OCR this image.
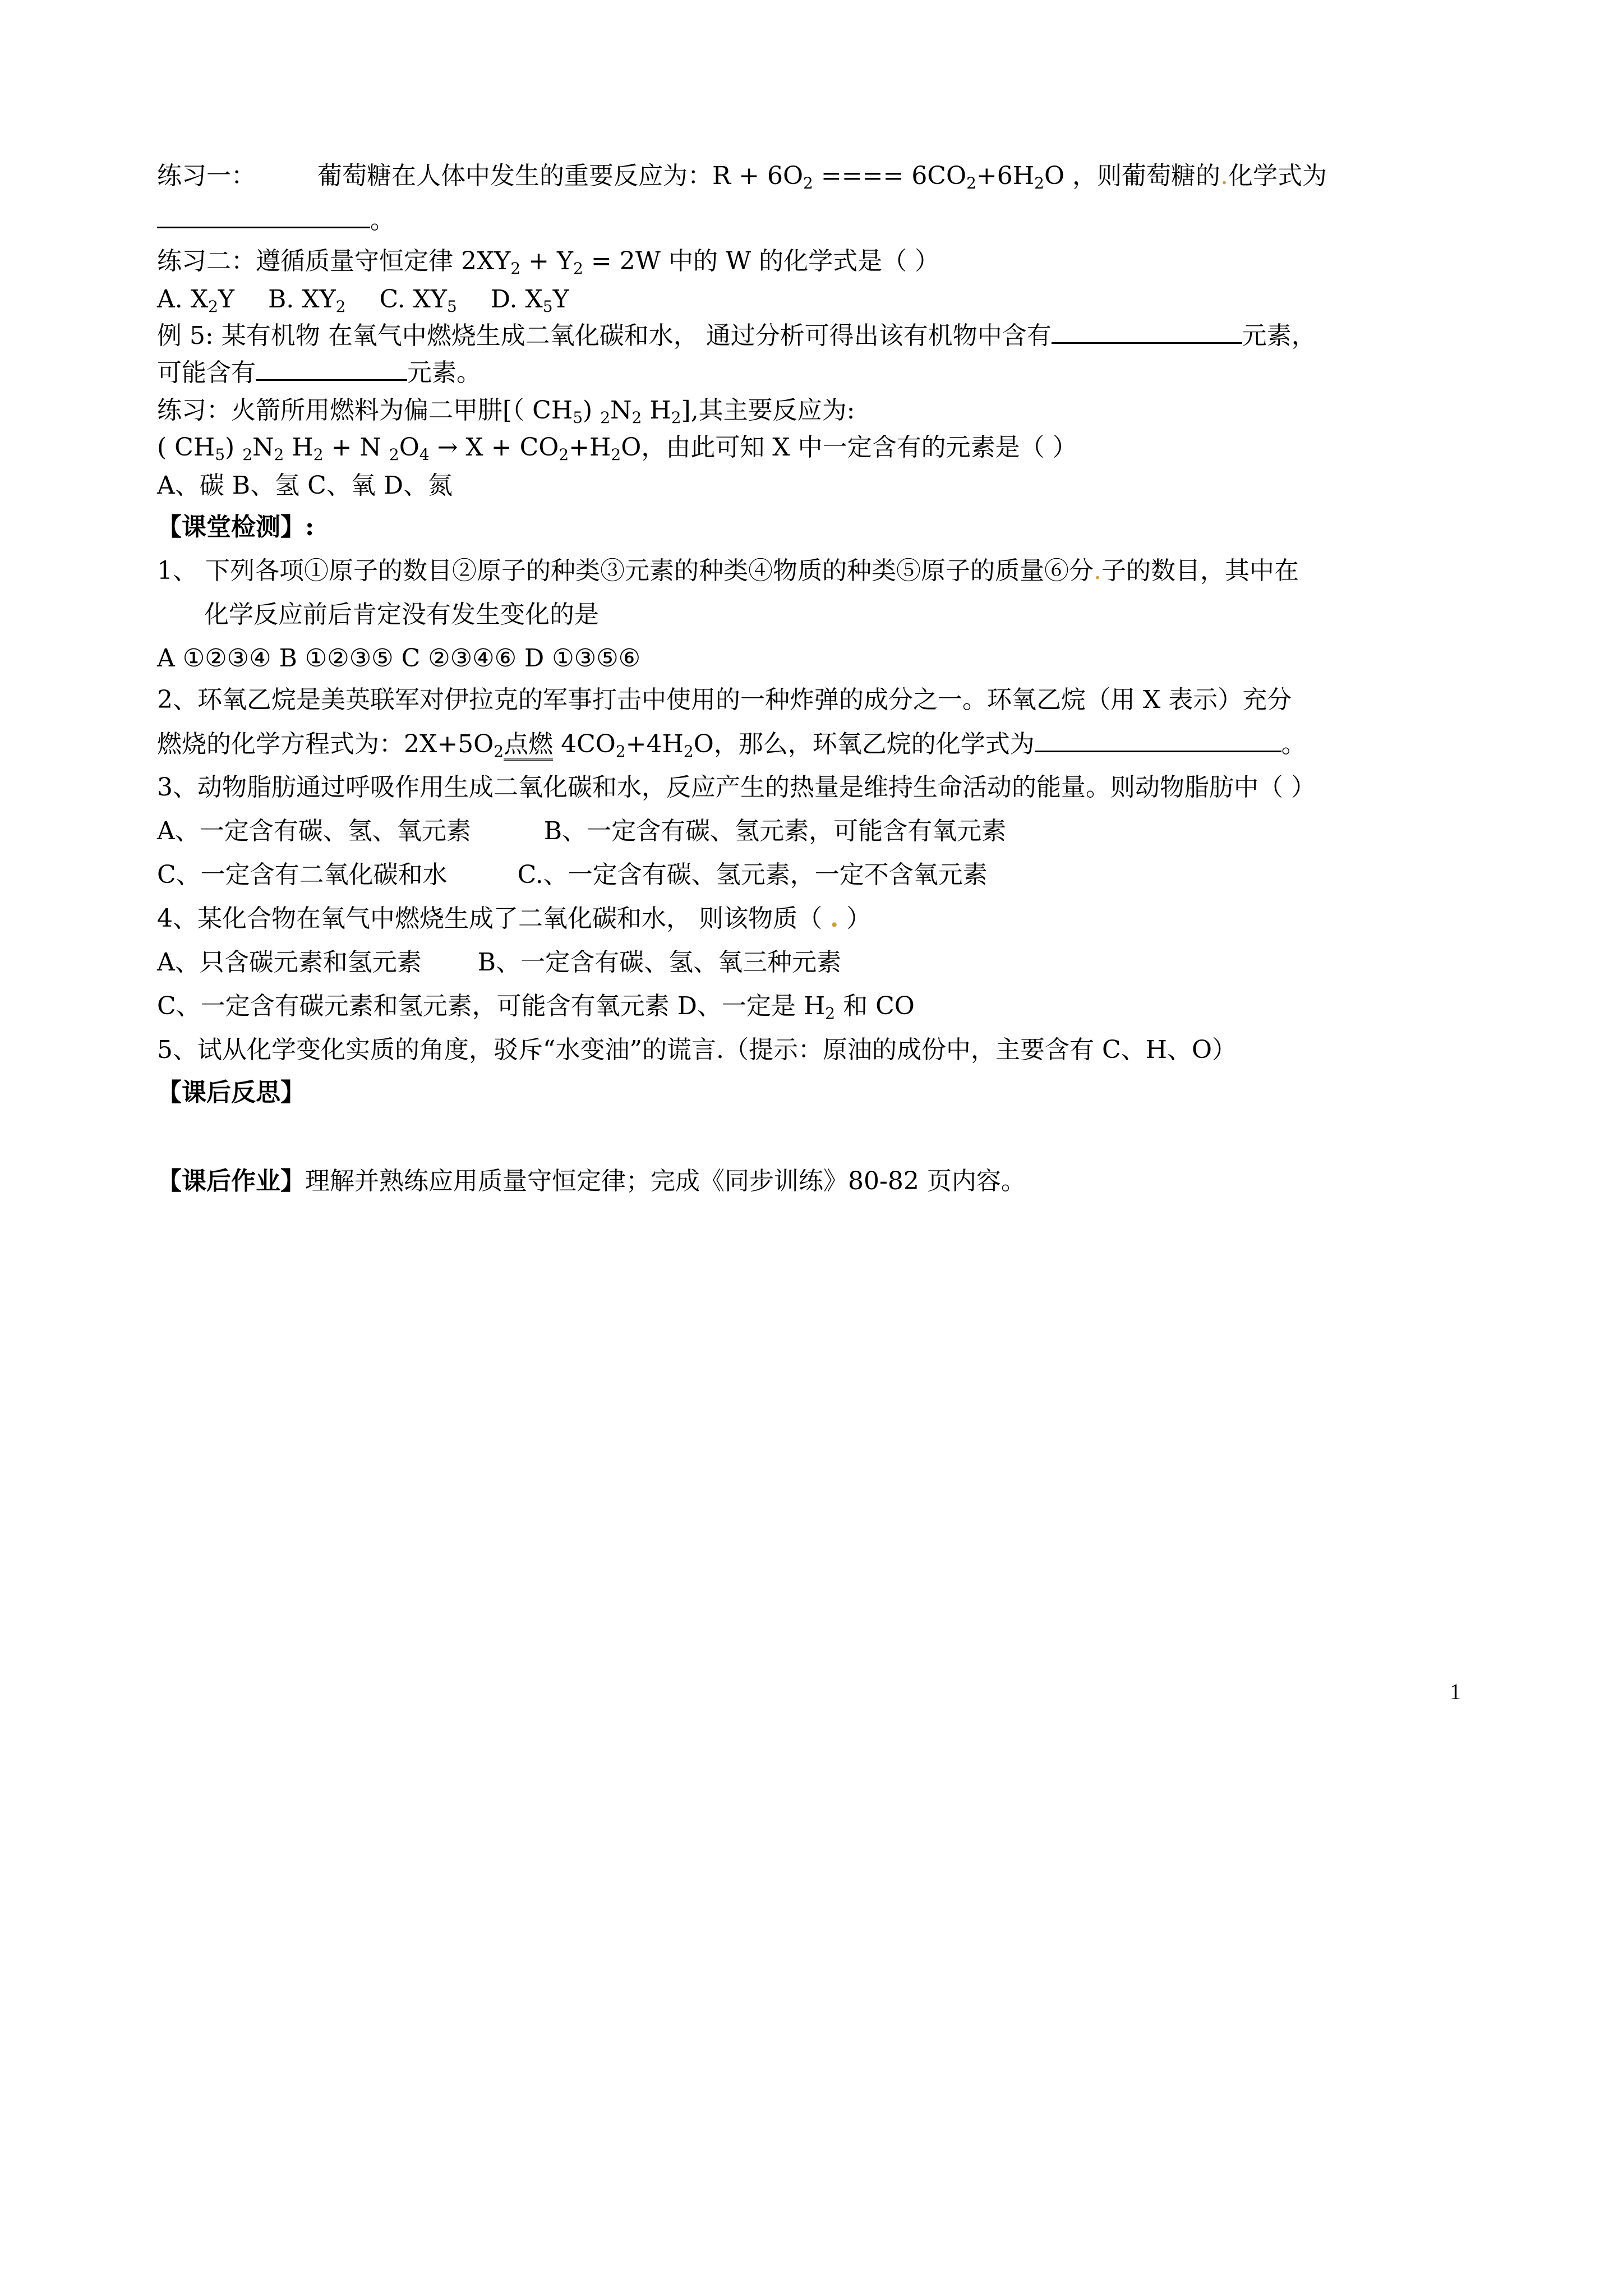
练习一：	葡萄糖在人体中发生的重要反应为：$R + 6O_2$ ==== $6CO_2+6H_2O$ ，则葡萄糖的.化学式为
。
练习二：遵循质量守恒定律 $2XY_2 + Y_2 = 2W$ 中的 W 的化学式是（ ）
A. $X_2Y$ B. $XY_2$ C. $XY_5$ D. $X_5Y$
例 5: 某有机物 在氧气中燃烧生成二氧化碳和水， 通过分析可得出该有机物中含有	元素，
可能含有	元素。
练习：火箭所用燃料为偏二甲肼[（ $CH_5$) $_2N_2$ $H_2$],其主要反应为:
( $CH_5$) $_2N_2$ $H_2 + N$ $_2O_4 \to X + CO_2+H_2O$，由此可知 X 中一定含有的元素是（ ）
A、碳 B、氢 C、氧 D、氮
【课堂检测】:
1、 下列各项①原子的数目②原子的种类③元素的种类④物质的种类⑤原子的质量⑥分.子的数目，其中在
化学反应前后肯定没有发生变化的是
A ①②③④ B ①②③⑤ C ②③④⑥ D ①③⑤⑥
2、环氧乙烷是美英联军对伊拉克的军事打击中使用的一种炸弹的成分之一。环氧乙烷（用 X 表示）充分
燃烧的化学方程式为：$2X+5O_2$点燃 $4CO_2+4H_2O$，那么，环氧乙烷的化学式为	。
3、动物脂肪通过呼吸作用生成二氧化碳和水，反应产生的热量是维持生命活动的能量。则动物脂肪中（ ）
A、一定含有碳、氢、氧元素	B、一定含有碳、氢元素，可能含有氧元素
C、一定含有二氧化碳和水	C.、一定含有碳、氢元素，一定不含氧元素
4、某化合物在氧气中燃烧生成了二氧化碳和水， 则该物质（ . ）
A、只含碳元素和氢元素 B、一定含有碳、氢、氧三种元素
C、一定含有碳元素和氢元素，可能含有氧元素 D、一定是 $H_2$ 和 CO
5、试从化学变化实质的角度，驳斥“水变油”的谎言.（提示：原油的成份中，主要含有 C、H、O）
【课后反思】
【课后作业】理解并熟练应用质量守恒定律；完成《同步训练》80-82 页内容。
1
